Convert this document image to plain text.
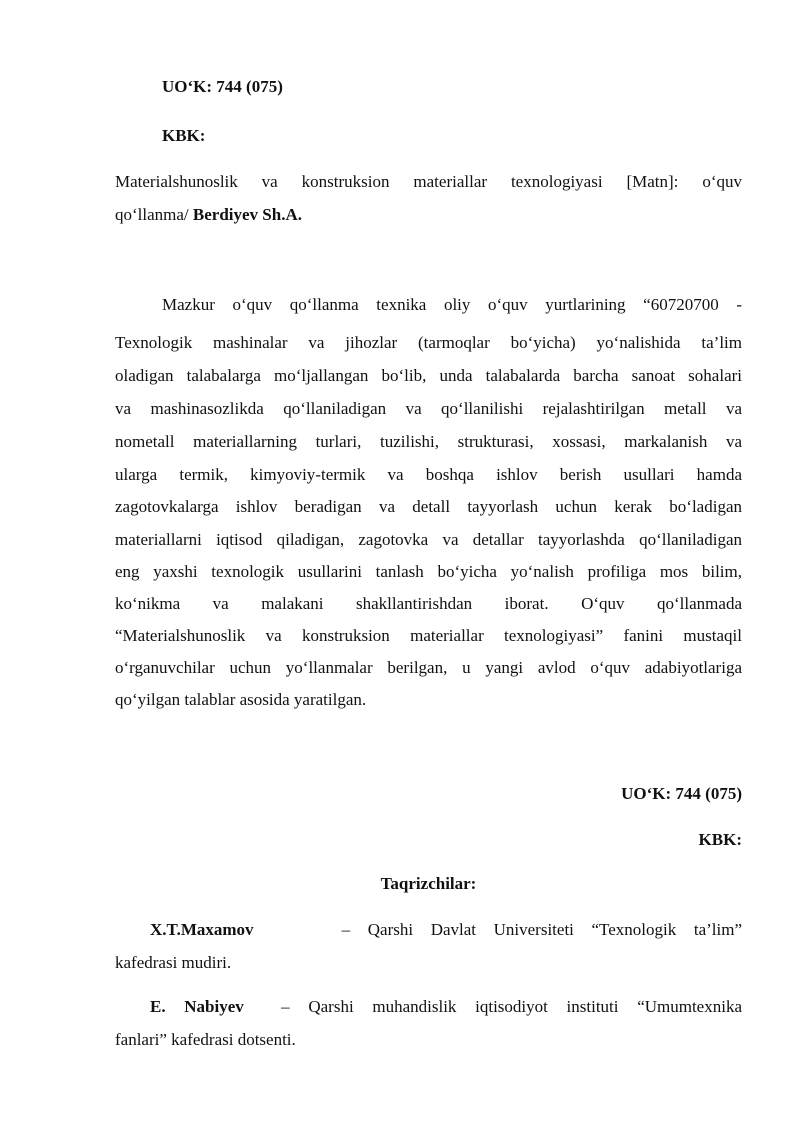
UO‘K: 744 (075)
KBK:
Materialshunoslik va konstruksion materiallar texnologiyasi [Matn]: o‘quv
qo‘llanma/ Berdiyev Sh.A.
Mazkur o‘quv qo‘llanma texnika oliy o‘quv yurtlarining “60720700 -
Texnologik mashinalar va jihozlar (tarmoqlar bo‘yicha) yo‘nalishida ta’lim
oladigan talabalarga mo‘ljallangan bo‘lib, unda talabalarda barcha sanoat sohalari
va mashinasozlikda qo‘llaniladigan va qo‘llanilishi rejalashtirilgan metall va
nometall materiallarning turlari, tuzilishi, strukturasi, xossasi, markalanish va
ularga termik, kimyoviy-termik va boshqa ishlov berish usullari hamda
zagotovkalarga ishlov beradigan va detall tayyorlash uchun kerak bo‘ladigan
materiallarni iqtisod qiladigan, zagotovka va detallar tayyorlashda qo‘llaniladigan
eng yaxshi texnologik usullarini tanlash bo‘yicha yo‘nalish profiliga mos bilim,
ko‘nikma va malakani shakllantirishdan iborat. O‘quv qo‘llanmada
“Materialshunoslik va konstruksion materiallar texnologiyasi” fanini mustaqil
o‘rganuvchilar uchun yo‘llanmalar berilgan, u yangi avlod o‘quv adabiyotlariga
qo‘yilgan talablar asosida yaratilgan.
UO‘K: 744 (075)
KBK:
Taqrizchilar:
X.T.Maxamov	– Qarshi Davlat Universiteti “Texnologik ta’lim”
kafedrasi mudiri.
E. Nabiyev – Qarshi muhandislik iqtisodiyot instituti “Umumtexnika
fanlari” kafedrasi dotsenti.
